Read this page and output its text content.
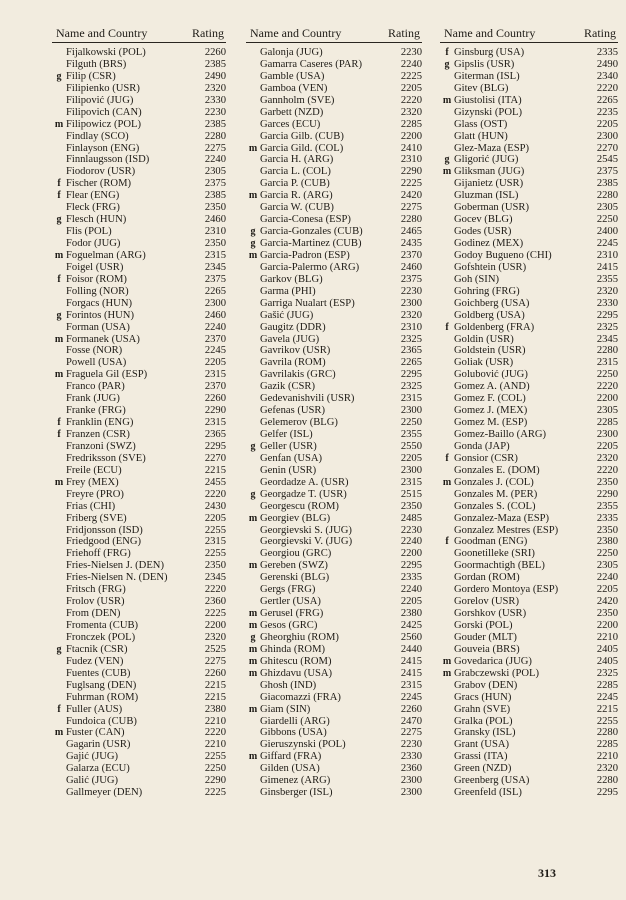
Name and Country	Rating
Fijalkowski (POL)	2260
Filguth (BRS)	2385
g Filip (CSR)	2490
Filipienko (USR)	2320
Filipović (JUG)	2330
Filipovich (CAN)	2230
m Filipowicz (POL)	2385
Findlay (SCO)	2280
Finlayson (ENG)	2275
Finnlaugsson (ISD)	2240
Fiodorov (USR)	2305
f Fischer (ROM)	2375
f Flear (ENG)	2385
Fleck (FRG)	2350
g Flesch (HUN)	2460
Flis (POL)	2310
Fodor (JUG)	2350
m Foguelman (ARG)	2315
Foigel (USR)	2345
f Foisor (ROM)	2375
Folling (NOR)	2265
Forgacs (HUN)	2300
g Forintos (HUN)	2460
Forman (USA)	2240
m Formanek (USA)	2370
Fosse (NOR)	2245
Powell (USA)	2205
m Fraguela Gil (ESP)	2315
Franco (PAR)	2370
Frank (JUG)	2260
Franke (FRG)	2290
f Franklin (ENG)	2315
f Franzen (CSR)	2365
Franzoni (SWZ)	2295
Fredriksson (SVE)	2270
Freile (ECU)	2215
m Frey (MEX)	2455
Freyre (PRO)	2220
Frias (CHI)	2430
Friberg (SVE)	2205
Fridjonsson (ISD)	2255
Friedgood (ENG)	2315
Friehoff (FRG)	2255
Fries-Nielsen J. (DEN)	2350
Fries-Nielsen N. (DEN)	2345
Fritsch (FRG)	2220
Frolov (USR)	2360
From (DEN)	2225
Fromenta (CUB)	2200
Fronczek (POL)	2320
g Ftacnik (CSR)	2525
Fudez (VEN)	2275
Fuentes (CUB)	2260
Fuglsang (DEN)	2215
Fuhrman (ROM)	2215
f Fuller (AUS)	2380
Fundoica (CUB)	2210
m Fuster (CAN)	2220
Gagarin (USR)	2210
Gajić (JUG)	2255
Galarza (ECU)	2250
Galić (JUG)	2290
Gallmeyer (DEN)	2225
Name and Country	Rating
Galonja (JUG)	2230
Gamarra Caseres (PAR)	2240
Gamble (USA)	2225
Gamboa (VEN)	2205
Gannholm (SVE)	2220
Garbett (NZD)	2320
Garces (ECU)	2285
Garcia Gilb. (CUB)	2200
m Garcia Gild. (COL)	2410
Garcia H. (ARG)	2310
Garcia L. (COL)	2290
Garcia P. (CUB)	2225
m Garcia R. (ARG)	2420
Garcia W. (CUB)	2275
Garcia-Conesa (ESP)	2280
g Garcia-Gonzales (CUB)	2465
g Garcia-Martinez (CUB)	2435
m Garcia-Padron (ESP)	2370
Garcia-Palermo (ARG)	2460
Garkov (BLG)	2375
Garma (PHI)	2230
Garriga Nualart (ESP)	2300
Gašić (JUG)	2320
Gaugitz (DDR)	2310
Gavela (JUG)	2325
Gavrikov (USR)	2365
Gavrila (ROM)	2265
Gavrilakis (GRC)	2295
Gazik (CSR)	2325
Gedevanishvili (USR)	2315
Gefenas (USR)	2300
Gelemerov (BLG)	2250
Gelfer (ISL)	2355
g Geller (USR)	2550
Genfan (USA)	2205
Genin (USR)	2300
Geordadze A. (USR)	2315
g Georgadze T. (USR)	2515
Georgescu (ROM)	2350
m Georgiev (BLG)	2485
Georgievski S. (JUG)	2230
Georgievski V. (JUG)	2240
Georgiou (GRC)	2200
m Gereben (SWZ)	2295
Gerenski (BLG)	2335
Gergs (FRG)	2240
Gertler (USA)	2205
m Gerusel (FRG)	2380
m Gesos (GRC)	2425
g Gheorghiu (ROM)	2560
m Ghinda (ROM)	2440
m Ghitescu (ROM)	2415
m Ghizdavu (USA)	2415
Ghosh (IND)	2315
Giacomazzi (FRA)	2245
m Giam (SIN)	2260
Giardelli (ARG)	2470
Gibbons (USA)	2275
Gieruszynski (POL)	2230
m Giffard (FRA)	2330
Gilden (USA)	2360
Gimenez (ARG)	2300
Ginsberger (ISL)	2300
Name and Country	Rating
f Ginsburg (USA)	2335
g Gipslis (USR)	2490
Giterman (ISL)	2340
Gitev (BLG)	2220
m Giustolisi (ITA)	2265
Gizynski (POL)	2235
Glass (OST)	2205
Glatt (HUN)	2300
Glez-Maza (ESP)	2270
g Gligorić (JUG)	2545
m Gliksman (JUG)	2375
Gijanietz (USR)	2385
Gluzman (ISL)	2280
Goberman (USR)	2305
Gocev (BLG)	2250
Godes (USR)	2400
Godinez (MEX)	2245
Godoy Bugueno (CHI)	2310
Gofshtein (USR)	2415
Goh (SIN)	2355
Gohring (FRG)	2320
Goichberg (USA)	2330
Goldberg (USA)	2295
f Goldenberg (FRA)	2325
Goldin (USR)	2345
Goldstein (USR)	2280
Goliak (USR)	2315
Golubović (JUG)	2250
Gomez A. (AND)	2220
Gomez F. (COL)	2200
Gomez J. (MEX)	2305
Gomez M. (ESP)	2285
Gomez-Baillo (ARG)	2300
Gonda (JAP)	2205
f Gonsior (CSR)	2320
Gonzales E. (DOM)	2220
m Gonzales J. (COL)	2350
Gonzales M. (PER)	2290
Gonzales S. (COL)	2355
Gonzalez-Maza (ESP)	2335
Gonzalez Mestres (ESP)	2350
f Goodman (ENG)	2380
Goonetilleke (SRI)	2250
Goormachtigh (BEL)	2305
Gordan (ROM)	2240
Gordero Montoya (ESP)	2205
Gorelov (USR)	2420
Gorshkov (USR)	2350
Gorski (POL)	2200
Gouder (MLT)	2210
Gouveia (BRS)	2405
m Govedarica (JUG)	2405
m Grabczewski (POL)	2325
Grabov (DEN)	2285
Gracs (HUN)	2245
Grahn (SVE)	2215
Gralka (POL)	2255
Gransky (ISL)	2280
Grant (USA)	2285
Grassi (ITA)	2210
Green (NZD)	2320
Greenberg (USA)	2280
Greenfeld (ISL)	2295
313
